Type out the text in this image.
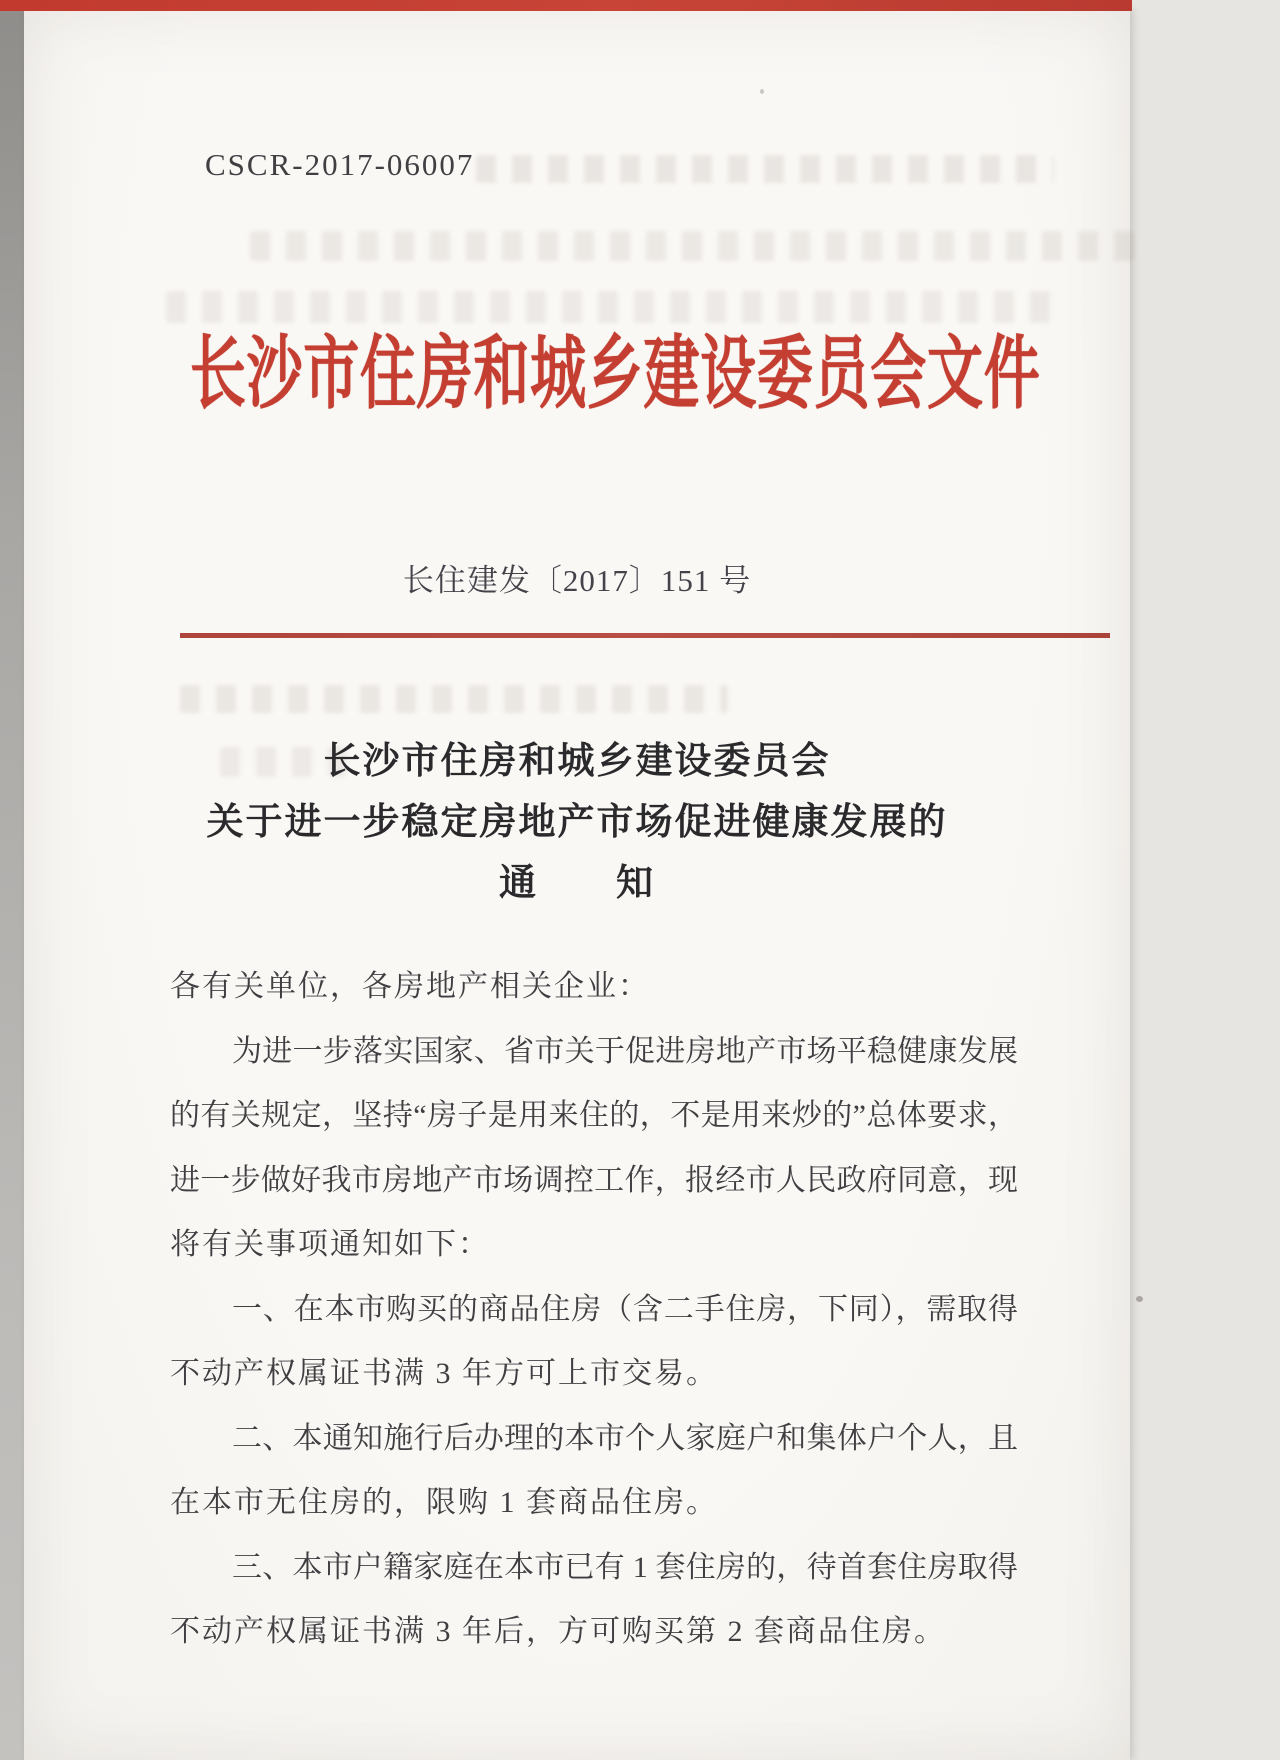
CSCR-2017-06007
长沙市住房和城乡建设委员会文件
长住建发〔2017〕151 号
长沙市住房和城乡建设委员会
关于进一步稳定房地产市场促进健康发展的
通　　知
各有关单位，各房地产相关企业：
为进一步落实国家、省市关于促进房地产市场平稳健康发展
的有关规定，坚持“房子是用来住的，不是用来炒的”总体要求，
进一步做好我市房地产市场调控工作，报经市人民政府同意，现
将有关事项通知如下：
一、在本市购买的商品住房（含二手住房，下同），需取得
不动产权属证书满 3 年方可上市交易。
二、本通知施行后办理的本市个人家庭户和集体户个人，且
在本市无住房的，限购 1 套商品住房。
三、本市户籍家庭在本市已有 1 套住房的，待首套住房取得
不动产权属证书满 3 年后，方可购买第 2 套商品住房。
